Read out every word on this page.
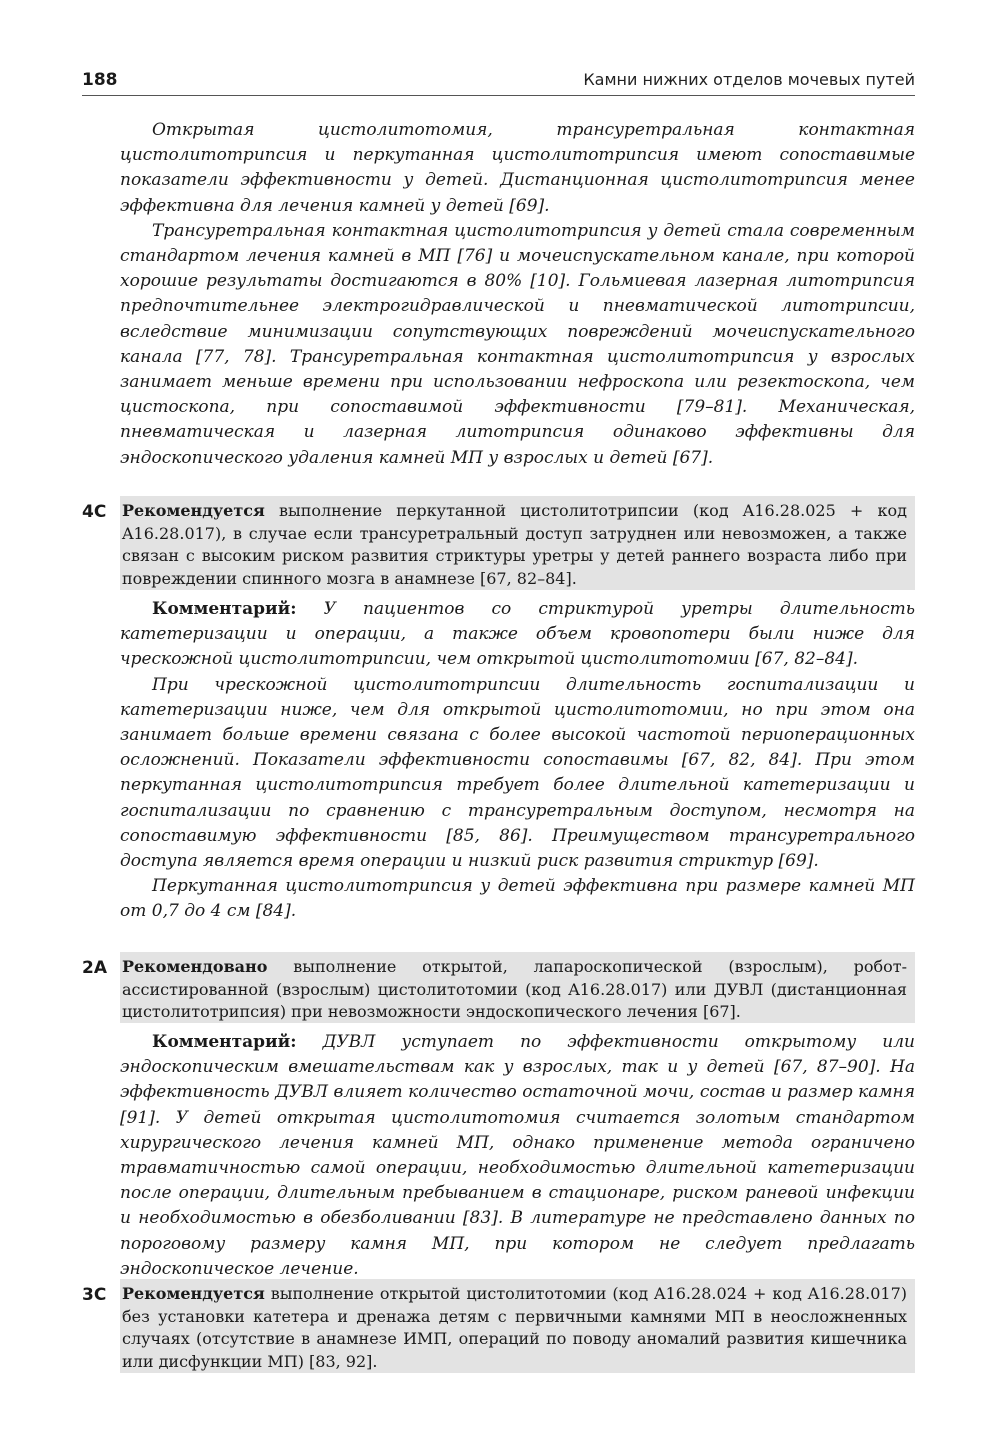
188	Камни нижних отделов мочевых путей

Открытая цистолитотомия, трансуретральная контактная цистолитотрипсия и перкутанная цистолитотрипсия имеют сопоставимые показатели эффективности у детей. Дистанционная цистолитотрипсия менее эффективна для лечения камней у детей [69].

Трансуретральная контактная цистолитотрипсия у детей стала современным стандартом лечения камней в МП [76] и мочеиспускательном канале, при которой хорошие результаты достигаются в 80% [10]. Гольмиевая лазерная литотрипсия предпочтительнее электрогидравлической и пневматической литотрипсии, вследствие минимизации сопутствующих повреждений мочеиспускательного канала [77, 78]. Трансуретральная контактная цистолитотрипсия у взрослых занимает меньше времени при использовании нефроскопа или резектоскопа, чем цистоскопа, при сопоставимой эффективности [79–81]. Механическая, пневматическая и лазерная литотрипсия одинаково эффективны для эндоскопического удаления камней МП у взрослых и детей [67].

4C Рекомендуется выполнение перкутанной цистолитотрипсии (код A16.28.025 + код A16.28.017), в случае если трансуретральный доступ затруднен или невозможен, а также связан с высоким риском развития стриктуры уретры у детей раннего возраста либо при повреждении спинного мозга в анамнезе [67, 82–84].

Комментарий: У пациентов со стриктурой уретры длительность катетеризации и операции, а также объем кровопотери были ниже для чрескожной цистолитотрипсии, чем открытой цистолитотомии [67, 82–84].

При чрескожной цистолитотрипсии длительность госпитализации и катетеризации ниже, чем для открытой цистолитотомии, но при этом она занимает больше времени связана с более высокой частотой периоперационных осложнений. Показатели эффективности сопоставимы [67, 82, 84]. При этом перкутанная цистолитотрипсия требует более длительной катетеризации и госпитализации по сравнению с трансуретральным доступом, несмотря на сопоставимую эффективности [85, 86]. Преимуществом трансуретрального доступа является время операции и низкий риск развития стриктур [69].

Перкутанная цистолитотрипсия у детей эффективна при размере камней МП от 0,7 до 4 см [84].

2A Рекомендовано выполнение открытой, лапароскопической (взрослым), робот-ассистированной (взрослым) цистолитотомии (код A16.28.017) или ДУВЛ (дистанционная цистолитотрипсия) при невозможности эндоскопического лечения [67].

Комментарий: ДУВЛ уступает по эффективности открытому или эндоскопическим вмешательствам как у взрослых, так и у детей [67, 87–90]. На эффективность ДУВЛ влияет количество остаточной мочи, состав и размер камня [91]. У детей открытая цистолитотомия считается золотым стандартом хирургического лечения камней МП, однако применение метода ограничено травматичностью самой операции, необходимостью длительной катетеризации после операции, длительным пребыванием в стационаре, риском раневой инфекции и необходимостью в обезболивании [83]. В литературе не представлено данных по пороговому размеру камня МП, при котором не следует предлагать эндоскопическое лечение.

3C Рекомендуется выполнение открытой цистолитотомии (код A16.28.024 + код A16.28.017) без установки катетера и дренажа детям с первичными камнями МП в неосложненных случаях (отсутствие в анамнезе ИМП, операций по поводу аномалий развития кишечника или дисфункции МП) [83, 92].
